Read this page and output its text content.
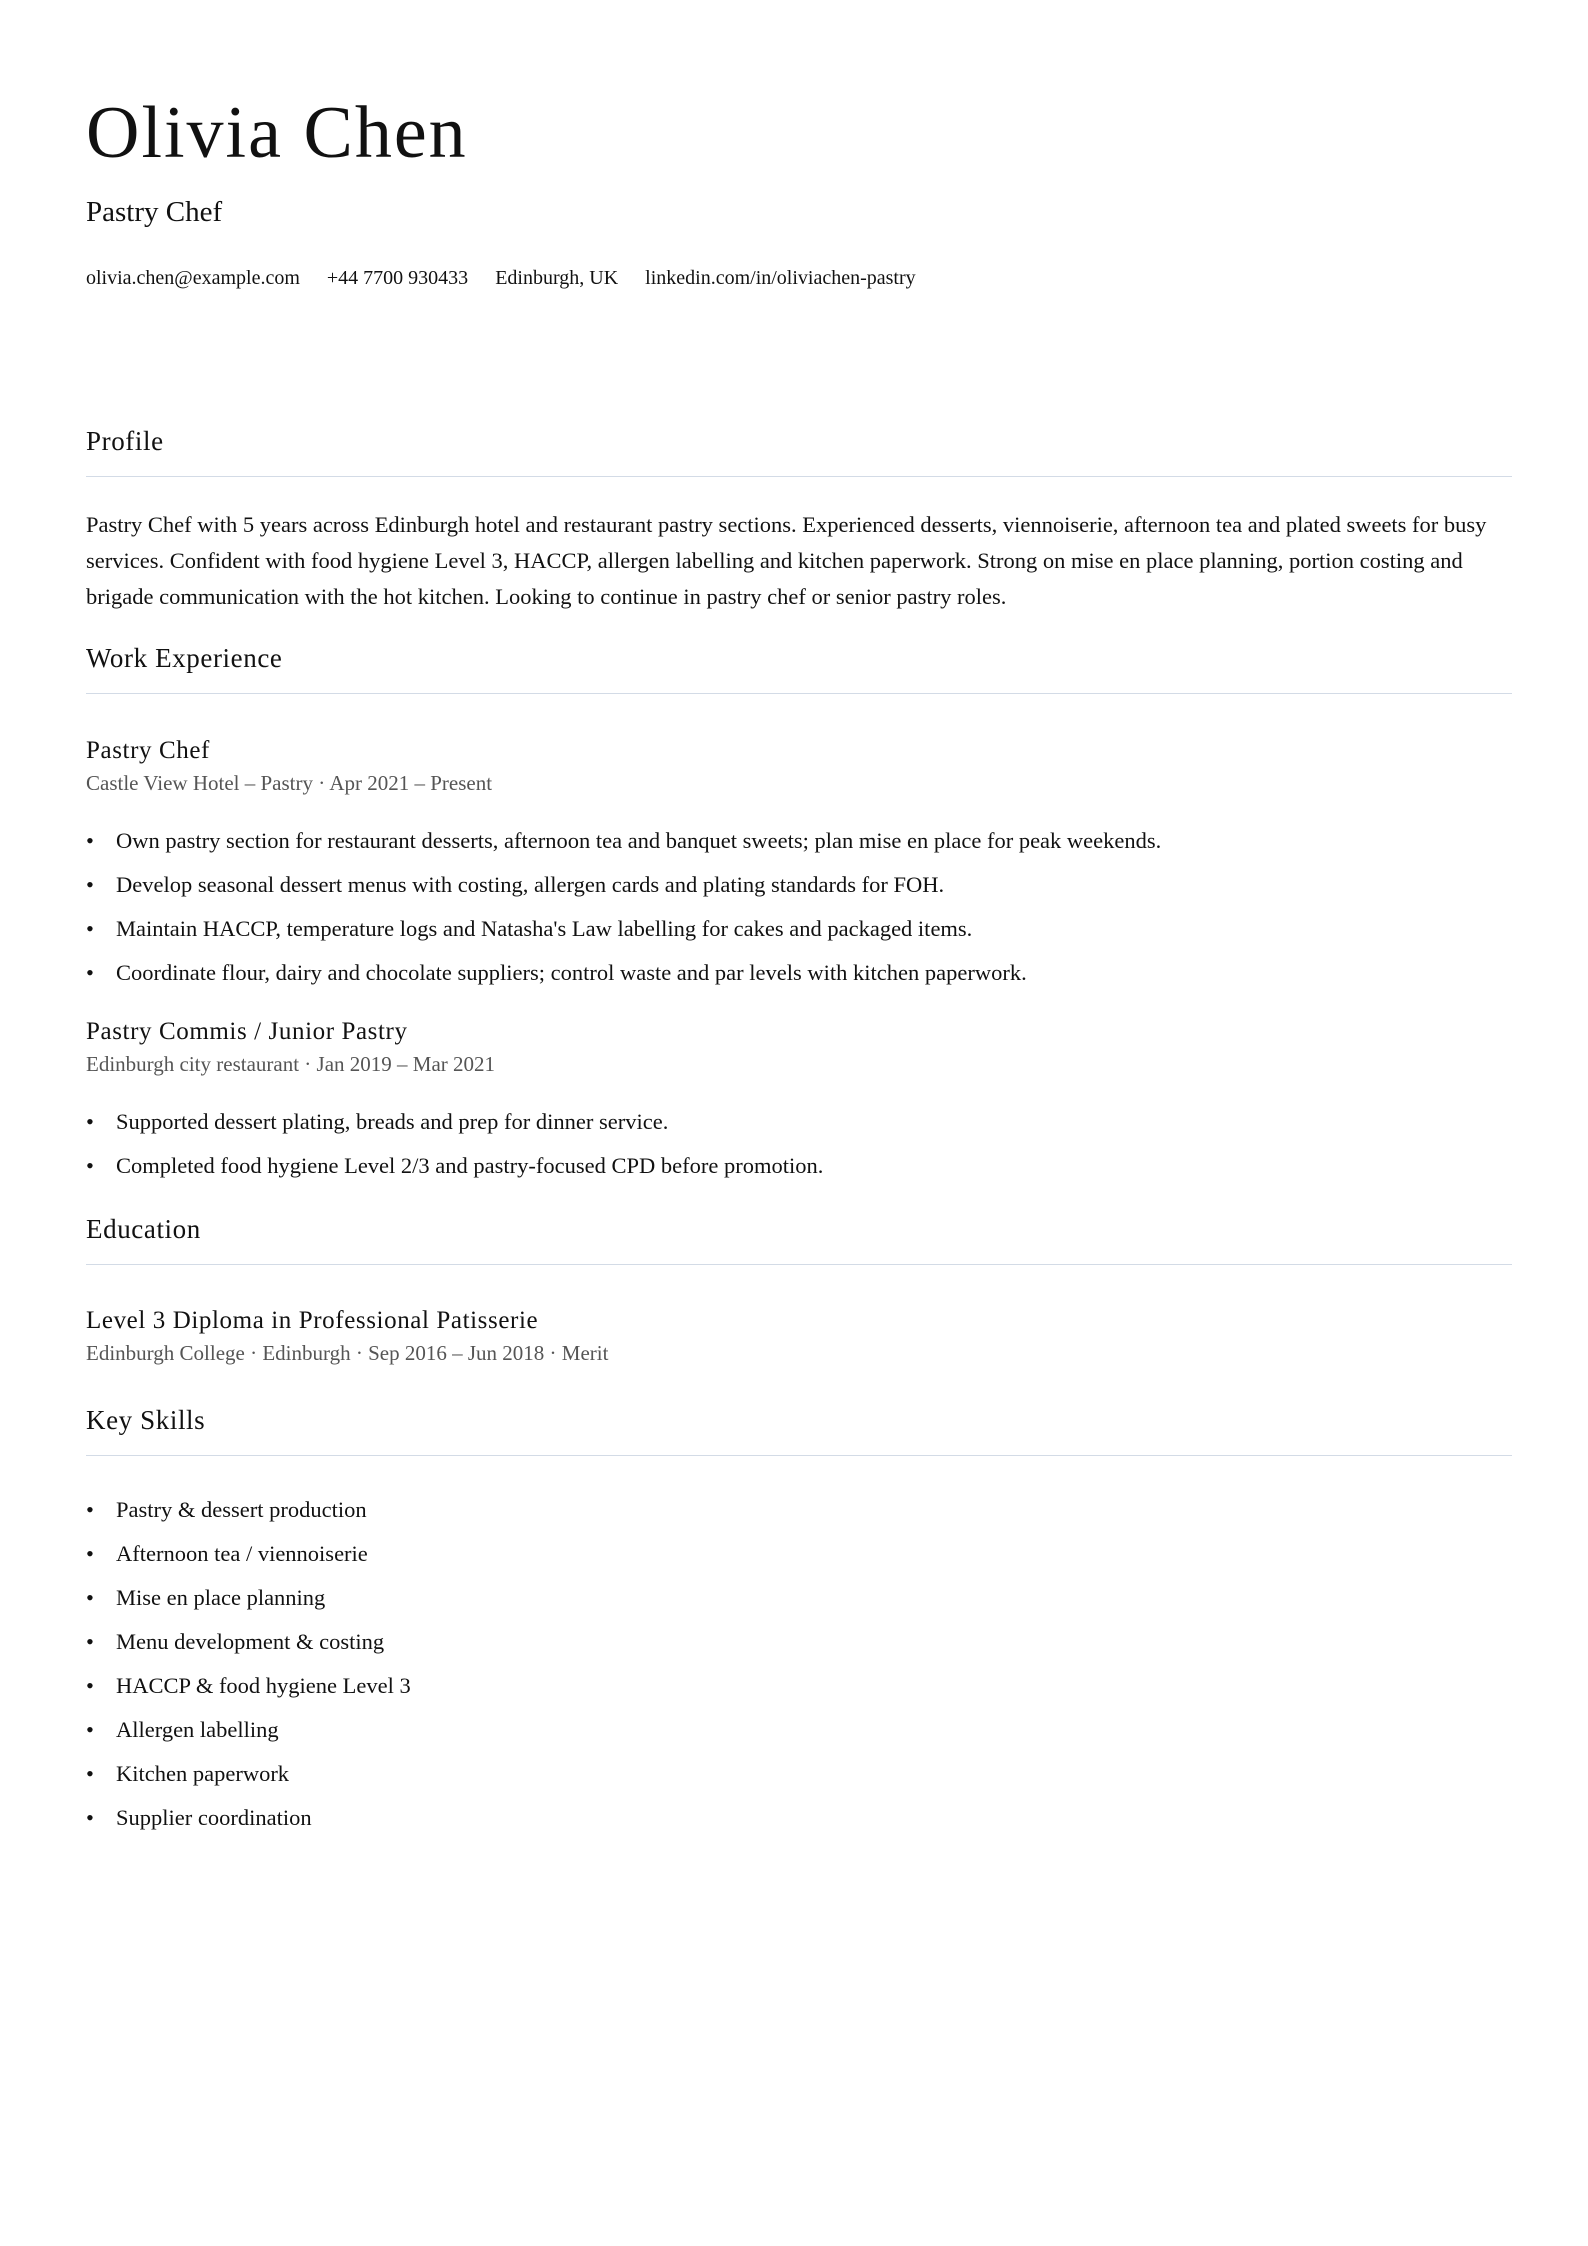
Olivia Chen
Pastry Chef
olivia.chen@example.com +44 7700 930433 Edinburgh, UK linkedin.com/in/oliviachen-pastry
Profile

Pastry Chef with 5 years across Edinburgh hotel and restaurant pastry sections. Experienced desserts, viennoiserie, afternoon tea and plated sweets for busy services. Confident with food hygiene Level 3, HACCP, allergen labelling and kitchen paperwork. Strong on mise en place planning, portion costing and brigade communication with the hot kitchen. Looking to continue in pastry chef or senior pastry roles.

Work Experience
Pastry Chef
Castle View Hotel – Pastry · Apr 2021 – Present
• Own pastry section for restaurant desserts, afternoon tea and banquet sweets; plan mise en place for peak weekends.
• Develop seasonal dessert menus with costing, allergen cards and plating standards for FOH.
• Maintain HACCP, temperature logs and Natasha's Law labelling for cakes and packaged items.
• Coordinate flour, dairy and chocolate suppliers; control waste and par levels with kitchen paperwork.
Pastry Commis / Junior Pastry
Edinburgh city restaurant · Jan 2019 – Mar 2021
• Supported dessert plating, breads and prep for dinner service.
• Completed food hygiene Level 2/3 and pastry-focused CPD before promotion.
Education
Level 3 Diploma in Professional Patisserie
Edinburgh College · Edinburgh · Sep 2016 – Jun 2018 · Merit
Key Skills
• Pastry & dessert production
• Afternoon tea / viennoiserie
• Mise en place planning
• Menu development & costing
• HACCP & food hygiene Level 3
• Allergen labelling
• Kitchen paperwork
• Supplier coordination
